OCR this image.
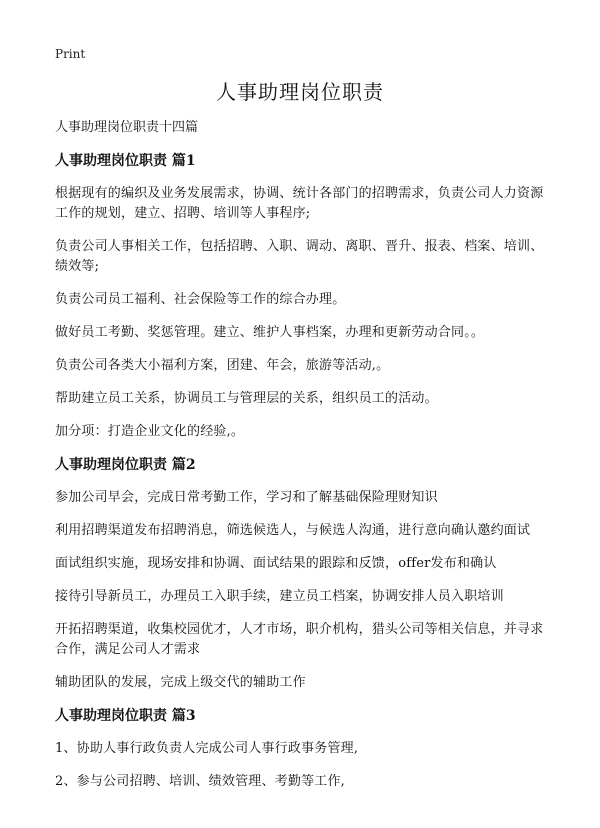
Print
人事助理岗位职责

人事助理岗位职责十四篇

人事助理岗位职责 篇1

根据现有的编织及业务发展需求，协调、统计各部门的招聘需求，负责公司人力资源工作的规划，建立、招聘、培训等人事程序;

负责公司人事相关工作，包括招聘、入职、调动、离职、晋升、报表、档案、培训、绩效等;

负责公司员工福利、社会保险等工作的综合办理。

做好员工考勤、奖惩管理。建立、维护人事档案，办理和更新劳动合同。。

负责公司各类大小福利方案，团建、年会，旅游等活动,。

帮助建立员工关系，协调员工与管理层的关系，组织员工的活动。

加分项：打造企业文化的经验,。

人事助理岗位职责 篇2

参加公司早会，完成日常考勤工作，学习和了解基础保险理财知识

利用招聘渠道发布招聘消息，筛选候选人，与候选人沟通，进行意向确认邀约面试

面试组织实施，现场安排和协调、面试结果的跟踪和反馈，offer发布和确认

接待引导新员工，办理员工入职手续，建立员工档案，协调安排人员入职培训

开拓招聘渠道，收集校园优才，人才市场，职介机构，猎头公司等相关信息，并寻求合作，满足公司人才需求

辅助团队的发展，完成上级交代的辅助工作

人事助理岗位职责 篇3

1、协助人事行政负责人完成公司人事行政事务管理,

2、参与公司招聘、培训、绩效管理、考勤等工作,
